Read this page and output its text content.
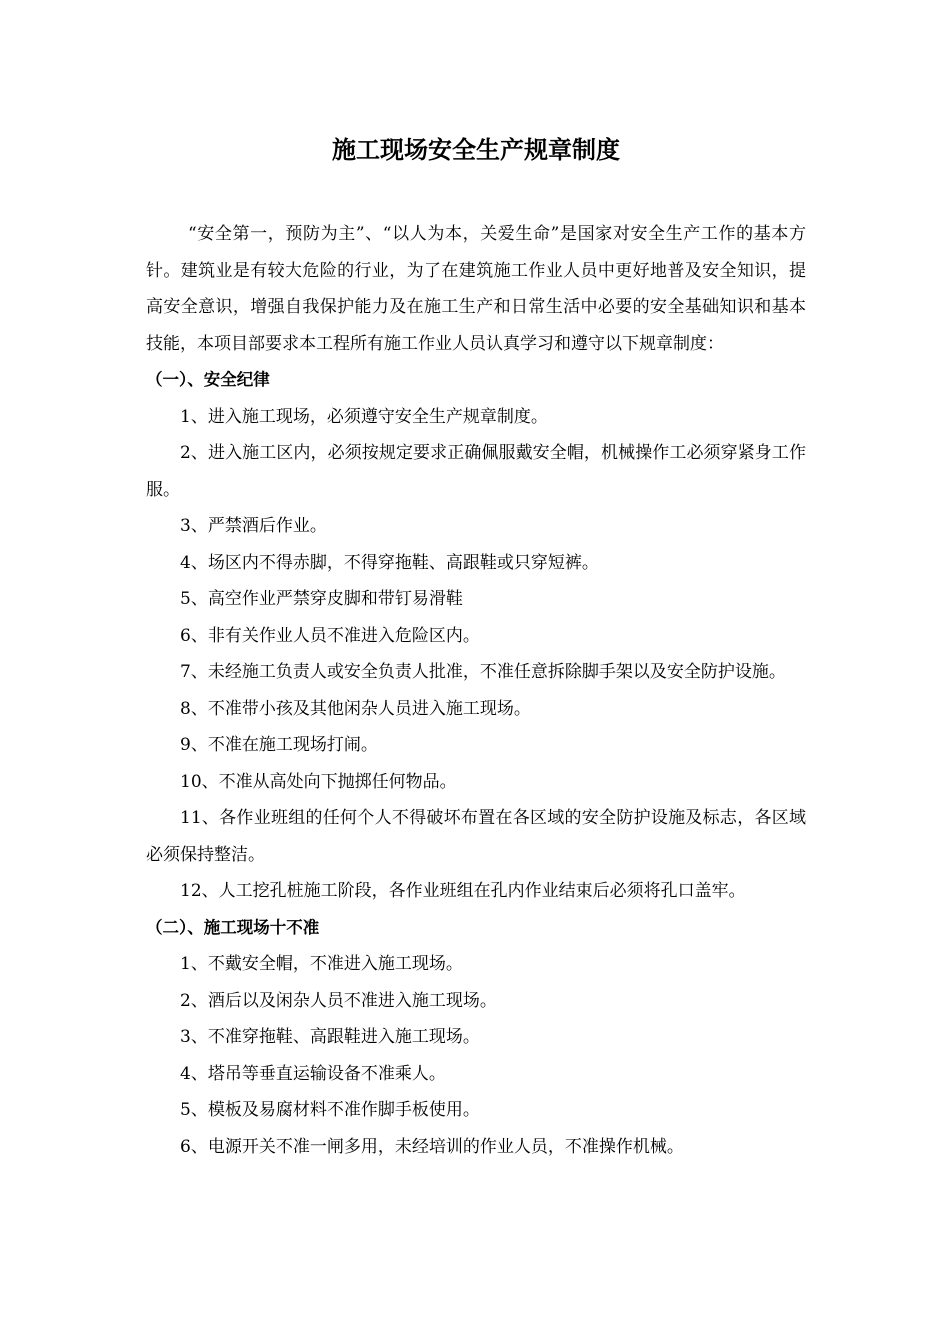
施工现场安全生产规章制度

“安全第一，预防为主”、“以人为本，关爱生命”是国家对安全生产工作的基本方针。建筑业是有较大危险的行业，为了在建筑施工作业人员中更好地普及安全知识，提高安全意识，增强自我保护能力及在施工生产和日常生活中必要的安全基础知识和基本技能，本项目部要求本工程所有施工作业人员认真学习和遵守以下规章制度：

（一）、安全纪律

1、进入施工现场，必须遵守安全生产规章制度。

2、进入施工区内，必须按规定要求正确佩服戴安全帽，机械操作工必须穿紧身工作服。

3、严禁酒后作业。

4、场区内不得赤脚，不得穿拖鞋、高跟鞋或只穿短裤。

5、高空作业严禁穿皮脚和带钉易滑鞋

6、非有关作业人员不准进入危险区内。

7、未经施工负责人或安全负责人批准，不准任意拆除脚手架以及安全防护设施。

8、不准带小孩及其他闲杂人员进入施工现场。

9、不准在施工现场打闹。

10、不准从高处向下抛掷任何物品。

11、各作业班组的任何个人不得破坏布置在各区域的安全防护设施及标志，各区域必须保持整洁。

12、人工挖孔桩施工阶段，各作业班组在孔内作业结束后必须将孔口盖牢。

（二）、施工现场十不准

1、不戴安全帽，不准进入施工现场。

2、酒后以及闲杂人员不准进入施工现场。

3、不准穿拖鞋、高跟鞋进入施工现场。

4、塔吊等垂直运输设备不准乘人。

5、模板及易腐材料不准作脚手板使用。

6、电源开关不准一闸多用，未经培训的作业人员，不准操作机械。
